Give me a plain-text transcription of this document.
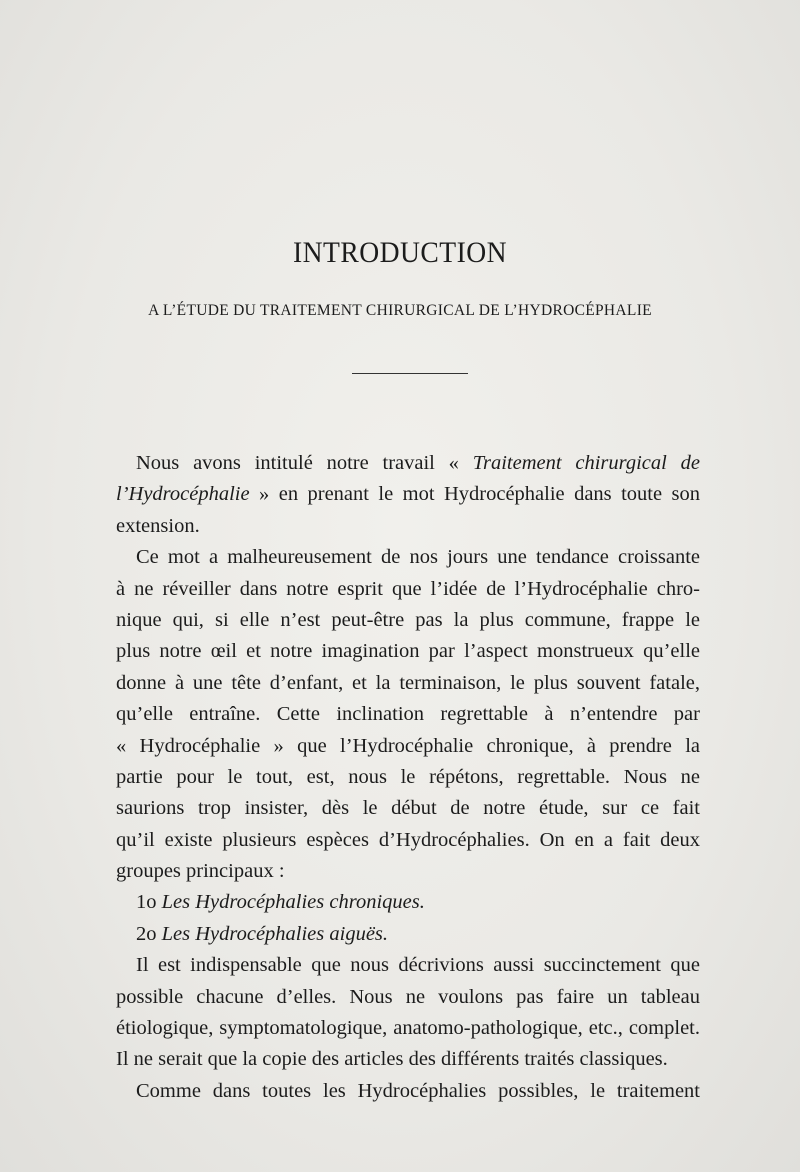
INTRODUCTION
A L’ÉTUDE DU TRAITEMENT CHIRURGICAL DE L’HYDROCÉPHALIE
Nous avons intitulé notre travail « Traitement chirurgical de
l’Hydrocéphalie » en prenant le mot Hydrocéphalie dans toute son
extension.
Ce mot a malheureusement de nos jours une tendance croissante
à ne réveiller dans notre esprit que l’idée de l’Hydrocéphalie chro-
nique qui, si elle n’est peut-être pas la plus commune, frappe le
plus notre œil et notre imagination par l’aspect monstrueux qu’elle
donne à une tête d’enfant, et la terminaison, le plus souvent fatale,
qu’elle entraîne. Cette inclination regrettable à n’entendre par
« Hydrocéphalie » que l’Hydrocéphalie chronique, à prendre la
partie pour le tout, est, nous le répétons, regrettable. Nous ne
saurions trop insister, dès le début de notre étude, sur ce fait
qu’il existe plusieurs espèces d’Hydrocéphalies. On en a fait deux
groupes principaux :
1o Les Hydrocéphalies chroniques.
2o Les Hydrocéphalies aiguës.
Il est indispensable que nous décrivions aussi succinctement que
possible chacune d’elles. Nous ne voulons pas faire un tableau
étiologique, symptomatologique, anatomo-pathologique, etc., complet.
Il ne serait que la copie des articles des différents traités classiques.
Comme dans toutes les Hydrocéphalies possibles, le traitement
